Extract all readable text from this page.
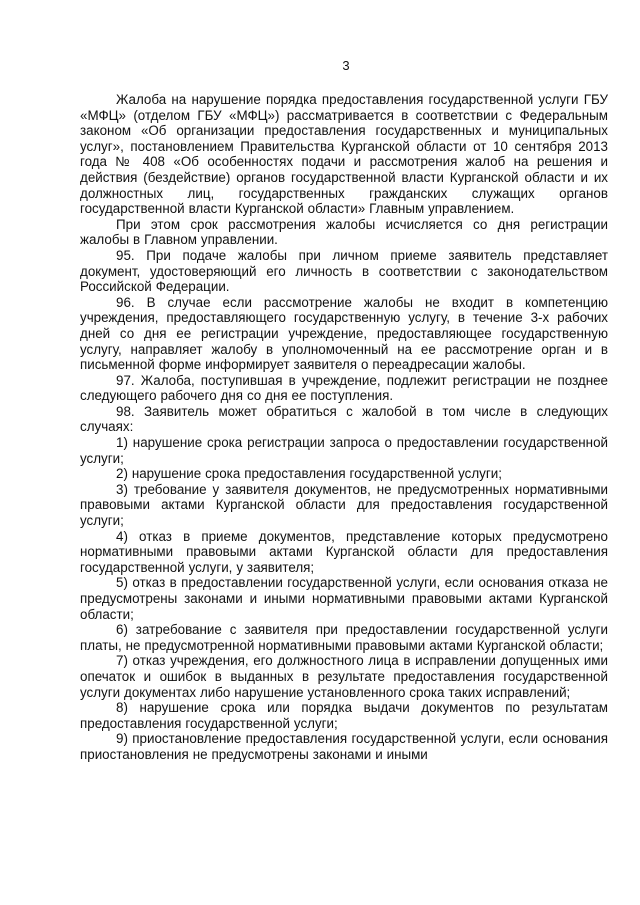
3

Жалоба на нарушение порядка предоставления государственной услуги ГБУ «МФЦ» (отделом ГБУ «МФЦ») рассматривается в соответствии с Федеральным законом «Об организации предоставления государственных и муниципальных услуг», постановлением Правительства Курганской области от 10 сентября 2013 года № 408 «Об особенностях подачи и рассмотрения жалоб на решения и действия (бездействие) органов государственной власти Курганской области и их должностных лиц, государственных гражданских служащих органов государственной власти Курганской области» Главным управлением.

При этом срок рассмотрения жалобы исчисляется со дня регистрации жалобы в Главном управлении.

95. При подаче жалобы при личном приеме заявитель представляет документ, удостоверяющий его личность в соответствии с законодательством Российской Федерации.

96. В случае если рассмотрение жалобы не входит в компетенцию учреждения, предоставляющего государственную услугу, в течение 3-х рабочих дней со дня ее регистрации учреждение, предоставляющее государственную услугу, направляет жалобу в уполномоченный на ее рассмотрение орган и в письменной форме информирует заявителя о переадресации жалобы.

97. Жалоба, поступившая в учреждение, подлежит регистрации не позднее следующего рабочего дня со дня ее поступления.

98. Заявитель может обратиться с жалобой в том числе в следующих случаях:

1) нарушение срока регистрации запроса о предоставлении государственной услуги;

2) нарушение срока предоставления государственной услуги;

3) требование у заявителя документов, не предусмотренных нормативными правовыми актами Курганской области для предоставления государственной услуги;

4) отказ в приеме документов, представление которых предусмотрено нормативными правовыми актами Курганской области для предоставления государственной услуги, у заявителя;

5) отказ в предоставлении государственной услуги, если основания отказа не предусмотрены законами и иными нормативными правовыми актами Курганской области;

6) затребование с заявителя при предоставлении государственной услуги платы, не предусмотренной нормативными правовыми актами Курганской области;

7) отказ учреждения, его должностного лица в исправлении допущенных ими опечаток и ошибок в выданных в результате предоставления государственной услуги документах либо нарушение установленного срока таких исправлений;

8) нарушение срока или порядка выдачи документов по результатам предоставления государственной услуги;

9) приостановление предоставления государственной услуги, если основания приостановления не предусмотрены законами и иными
